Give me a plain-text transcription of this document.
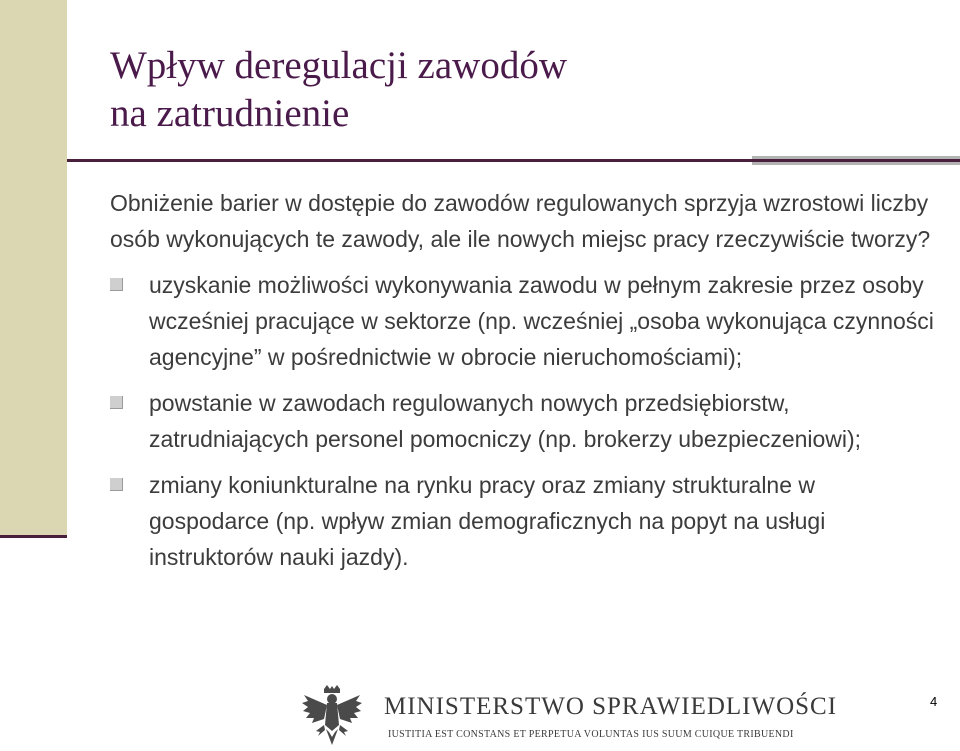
Wpływ deregulacji zawodów
na zatrudnienie

Obniżenie barier w dostępie do zawodów regulowanych sprzyja wzrostowi liczby osób wykonujących te zawody, ale ile nowych miejsc pracy rzeczywiście tworzy?

uzyskanie możliwości wykonywania zawodu w pełnym zakresie przez osoby wcześniej pracujące w sektorze (np. wcześniej „osoba wykonująca czynności agencyjne” w pośrednictwie w obrocie nieruchomościami);
powstanie w zawodach regulowanych nowych przedsiębiorstw, zatrudniających personel pomocniczy (np. brokerzy ubezpieczeniowi);
zmiany koniunkturalne na rynku pracy oraz zmiany strukturalne w gospodarce (np. wpływ zmian demograficznych na popyt na usługi instruktorów nauki jazdy).
MINISTERSTWO SPRAWIEDLIWOŚCI
IUSTITIA EST CONSTANS ET PERPETUA VOLUNTAS IUS SUUM CUIQUE TRIBUENDI
4
